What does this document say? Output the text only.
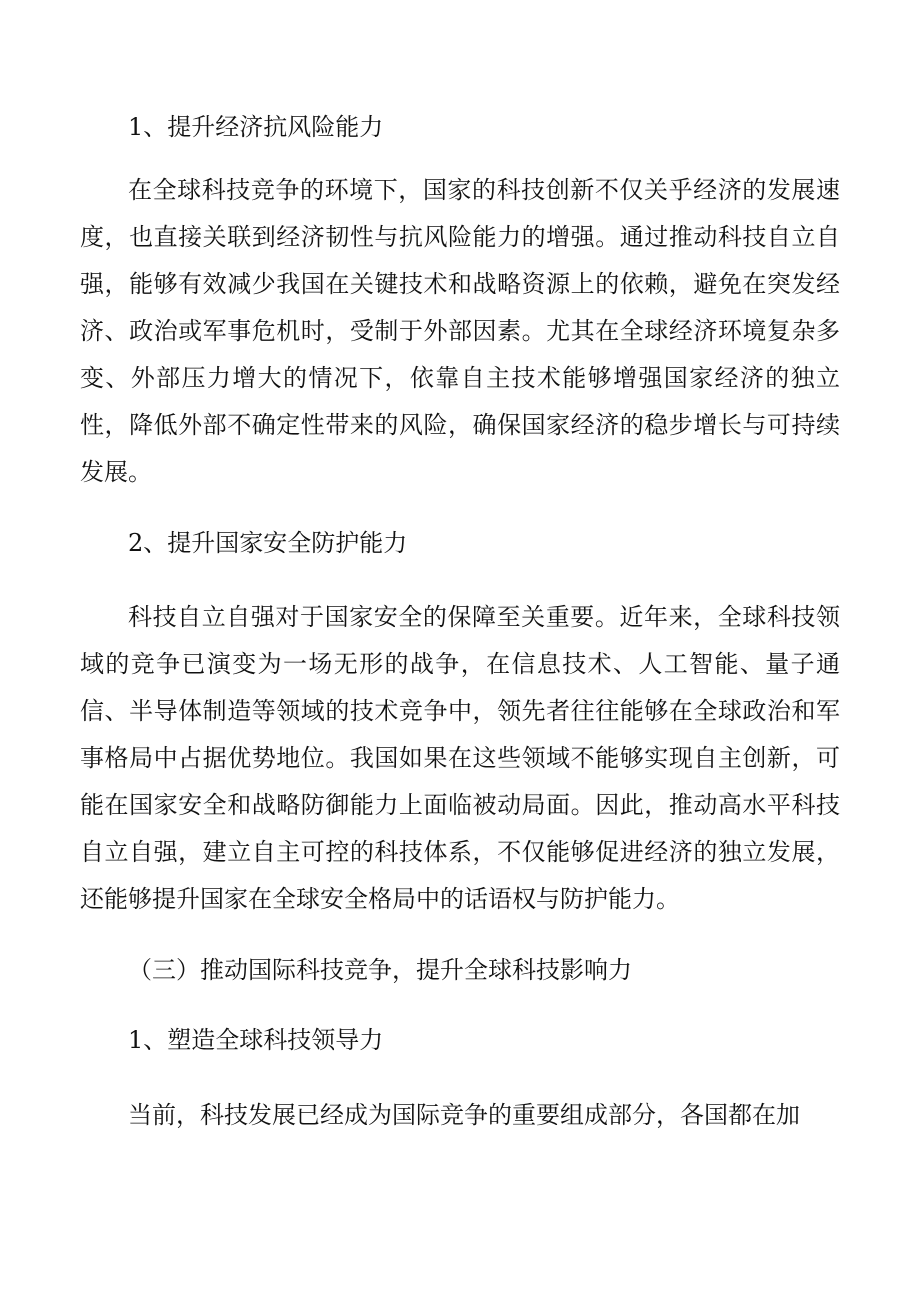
1、提升经济抗风险能力

在全球科技竞争的环境下，国家的科技创新不仅关乎经济的发展速度，也直接关联到经济韧性与抗风险能力的增强。通过推动科技自立自强，能够有效减少我国在关键技术和战略资源上的依赖，避免在突发经济、政治或军事危机时，受制于外部因素。尤其在全球经济环境复杂多变、外部压力增大的情况下，依靠自主技术能够增强国家经济的独立性，降低外部不确定性带来的风险，确保国家经济的稳步增长与可持续发展。

2、提升国家安全防护能力

科技自立自强对于国家安全的保障至关重要。近年来，全球科技领域的竞争已演变为一场无形的战争，在信息技术、人工智能、量子通信、半导体制造等领域的技术竞争中，领先者往往能够在全球政治和军事格局中占据优势地位。我国如果在这些领域不能够实现自主创新，可能在国家安全和战略防御能力上面临被动局面。因此，推动高水平科技自立自强，建立自主可控的科技体系，不仅能够促进经济的独立发展，还能够提升国家在全球安全格局中的话语权与防护能力。

（三）推动国际科技竞争，提升全球科技影响力

1、塑造全球科技领导力

当前，科技发展已经成为国际竞争的重要组成部分，各国都在加
